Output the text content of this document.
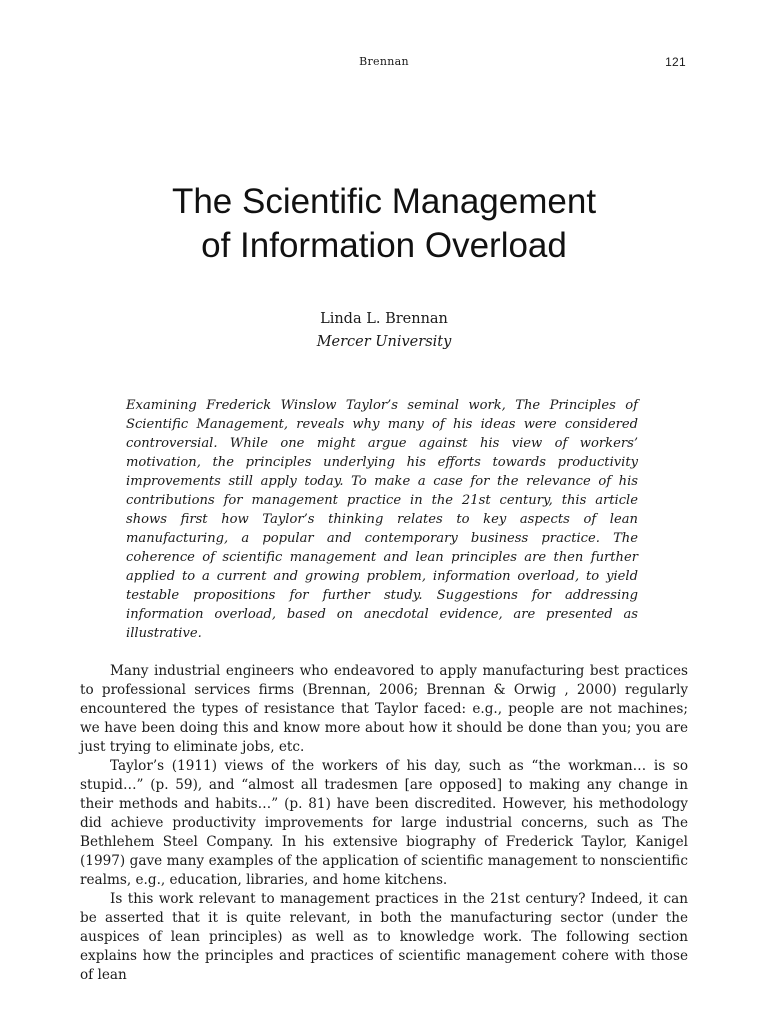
Brennan	121
The Scientific Management
of Information Overload
Linda L. Brennan
Mercer University

Examining Frederick Winslow Taylor’s seminal work, The Principles of Scientific Management, reveals why many of his ideas were considered controversial. While one might argue against his view of workers’ motivation, the principles underlying his efforts towards productivity improvements still apply today. To make a case for the relevance of his contributions for management practice in the 21st century, this article shows first how Taylor’s thinking relates to key aspects of lean manufacturing, a popular and contemporary business practice. The coherence of scientific management and lean principles are then further applied to a current and growing problem, information overload, to yield testable propositions for further study. Suggestions for addressing information overload, based on anecdotal evidence, are presented as illustrative.

Many industrial engineers who endeavored to apply manufacturing best practices to professional services firms (Brennan, 2006; Brennan & Orwig , 2000) regularly encountered the types of resistance that Taylor faced: e.g., people are not machines; we have been doing this and know more about how it should be done than you; you are just trying to eliminate jobs, etc.

Taylor’s (1911) views of the workers of his day, such as “the workman… is so stupid…” (p. 59), and “almost all tradesmen [are opposed] to making any change in their methods and habits…” (p. 81) have been discredited. However, his methodology did achieve productivity improvements for large industrial concerns, such as The Bethlehem Steel Company. In his extensive biography of Frederick Taylor, Kanigel (1997) gave many examples of the application of scientific management to nonscientific realms, e.g., education, libraries, and home kitchens.

Is this work relevant to management practices in the 21st century? Indeed, it can be asserted that it is quite relevant, in both the manufacturing sector (under the auspices of lean principles) as well as to knowledge work. The following section explains how the principles and practices of scientific management cohere with those of lean
